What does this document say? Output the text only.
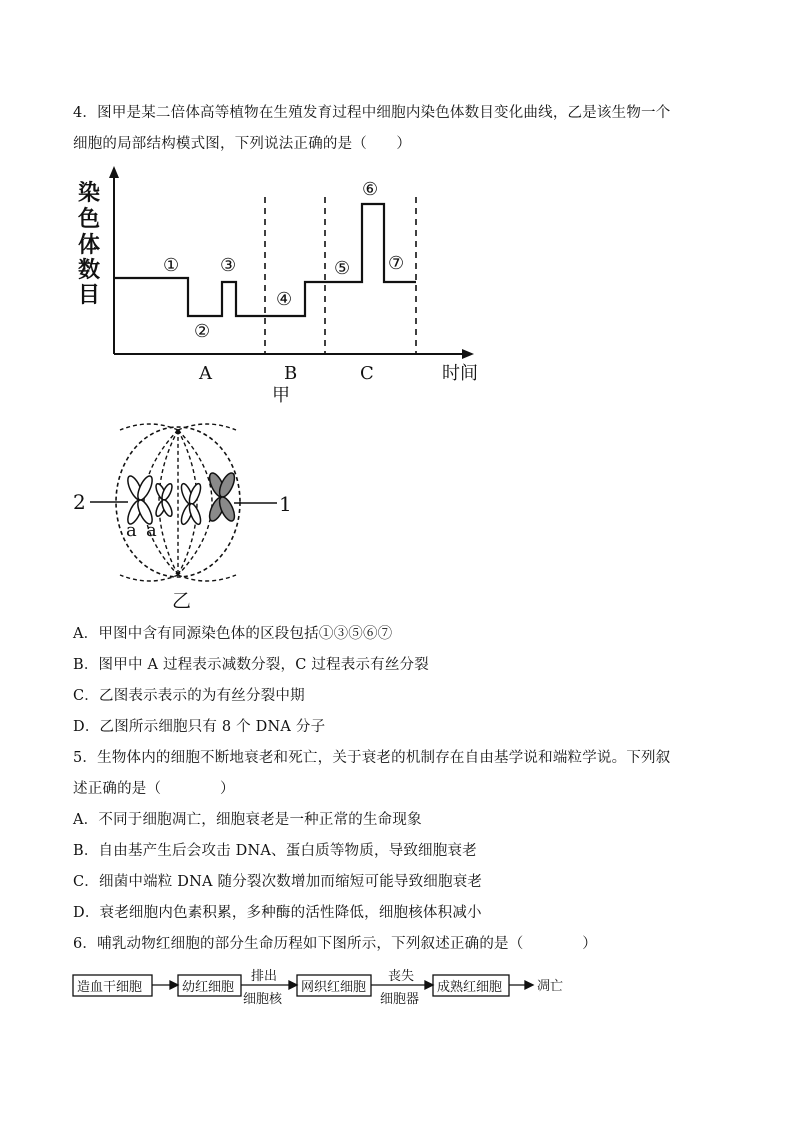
4．图甲是某二倍体高等植物在生殖发育过程中细胞内染色体数目变化曲线，乙是该生物一个
细胞的局部结构模式图，下列说法正确的是（　　）
染
色
体
数
目
①
②
③
④
⑤
⑥
⑦
A	B	C	时间
甲
2	1
a a
乙
A．甲图中含有同源染色体的区段包括①③⑤⑥⑦
B．图甲中 A 过程表示减数分裂，C 过程表示有丝分裂
C．乙图表示表示的为有丝分裂中期
D．乙图所示细胞只有 8 个 DNA 分子
5．生物体内的细胞不断地衰老和死亡，关于衰老的机制存在自由基学说和端粒学说。下列叙
述正确的是（　　　　）
A．不同于细胞凋亡，细胞衰老是一种正常的生命现象
B．自由基产生后会攻击 DNA、蛋白质等物质，导致细胞衰老
C．细菌中端粒 DNA 随分裂次数增加而缩短可能导致细胞衰老
D．衰老细胞内色素积累，多种酶的活性降低，细胞核体积减小
6．哺乳动物红细胞的部分生命历程如下图所示，下列叙述正确的是（　　　　）
造血干细胞	幼红细胞	网织红细胞	成熟红细胞
排出
细胞核
丧失
细胞器
凋亡
